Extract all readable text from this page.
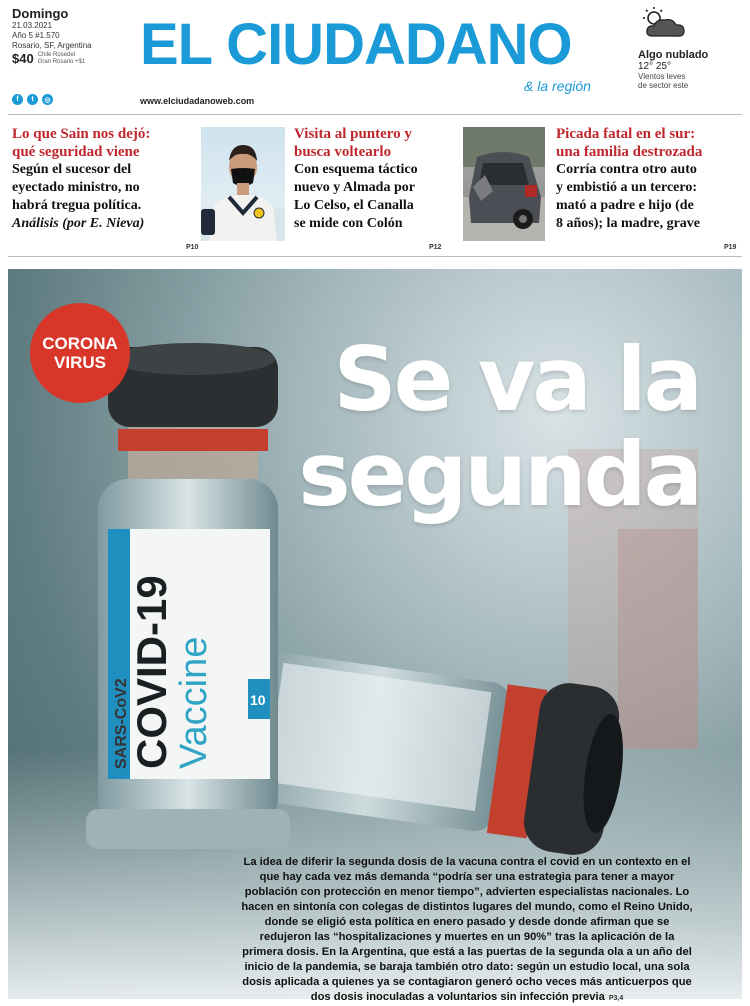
Domingo
21.03.2021
Año 5 #1.570
Rosario, SF, Argentina
$40 Chile Rosedel
Gran Rosario +$1 EL CIUDADANO
& la región
www.elciudadanoweb.com
f	t	◎
Algo nublado
12° 25°
Vientos leves
de sector este
Lo que Sain nos dejó:
qué seguridad viene
Según el sucesor del
eyectado ministro, no
habrá tregua política.
Análisis (por E. Nieva)
P10
Visita al puntero y
busca voltearlo
Con esquema táctico
nuevo y Almada por
Lo Celso, el Canalla
se mide con Colón
P12
Picada fatal en el sur:
una familia destrozada
Corría contra otro auto
y embistió a un tercero:
mató a padre e hijo (de
8 años); la madre, grave
P19
SARS-CoV2
COVID-19
Vaccine	10
CORONA
VIRUS	Se va la
segunda
La idea de diferir la segunda dosis de la vacuna contra el covid en un contexto en el que hay cada vez más demanda “podría ser una estrategia para tener a mayor población con protección en menor tiempo”, advierten especialistas nacionales. Lo hacen en sintonía con colegas de distintos lugares del mundo, como el Reino Unido, donde se eligió esta política en enero pasado y desde donde afirman que se redujeron las “hospitalizaciones y muertes en un 90%” tras la aplicación de la primera dosis. En la Argentina, que está a las puertas de la segunda ola a un año del inicio de la pandemia, se baraja también otro dato: según un estudio local, una sola dosis aplicada a quienes ya se contagiaron generó ocho veces más anticuerpos que dos dosis inoculadas a voluntarios sin infección previa P3,4
